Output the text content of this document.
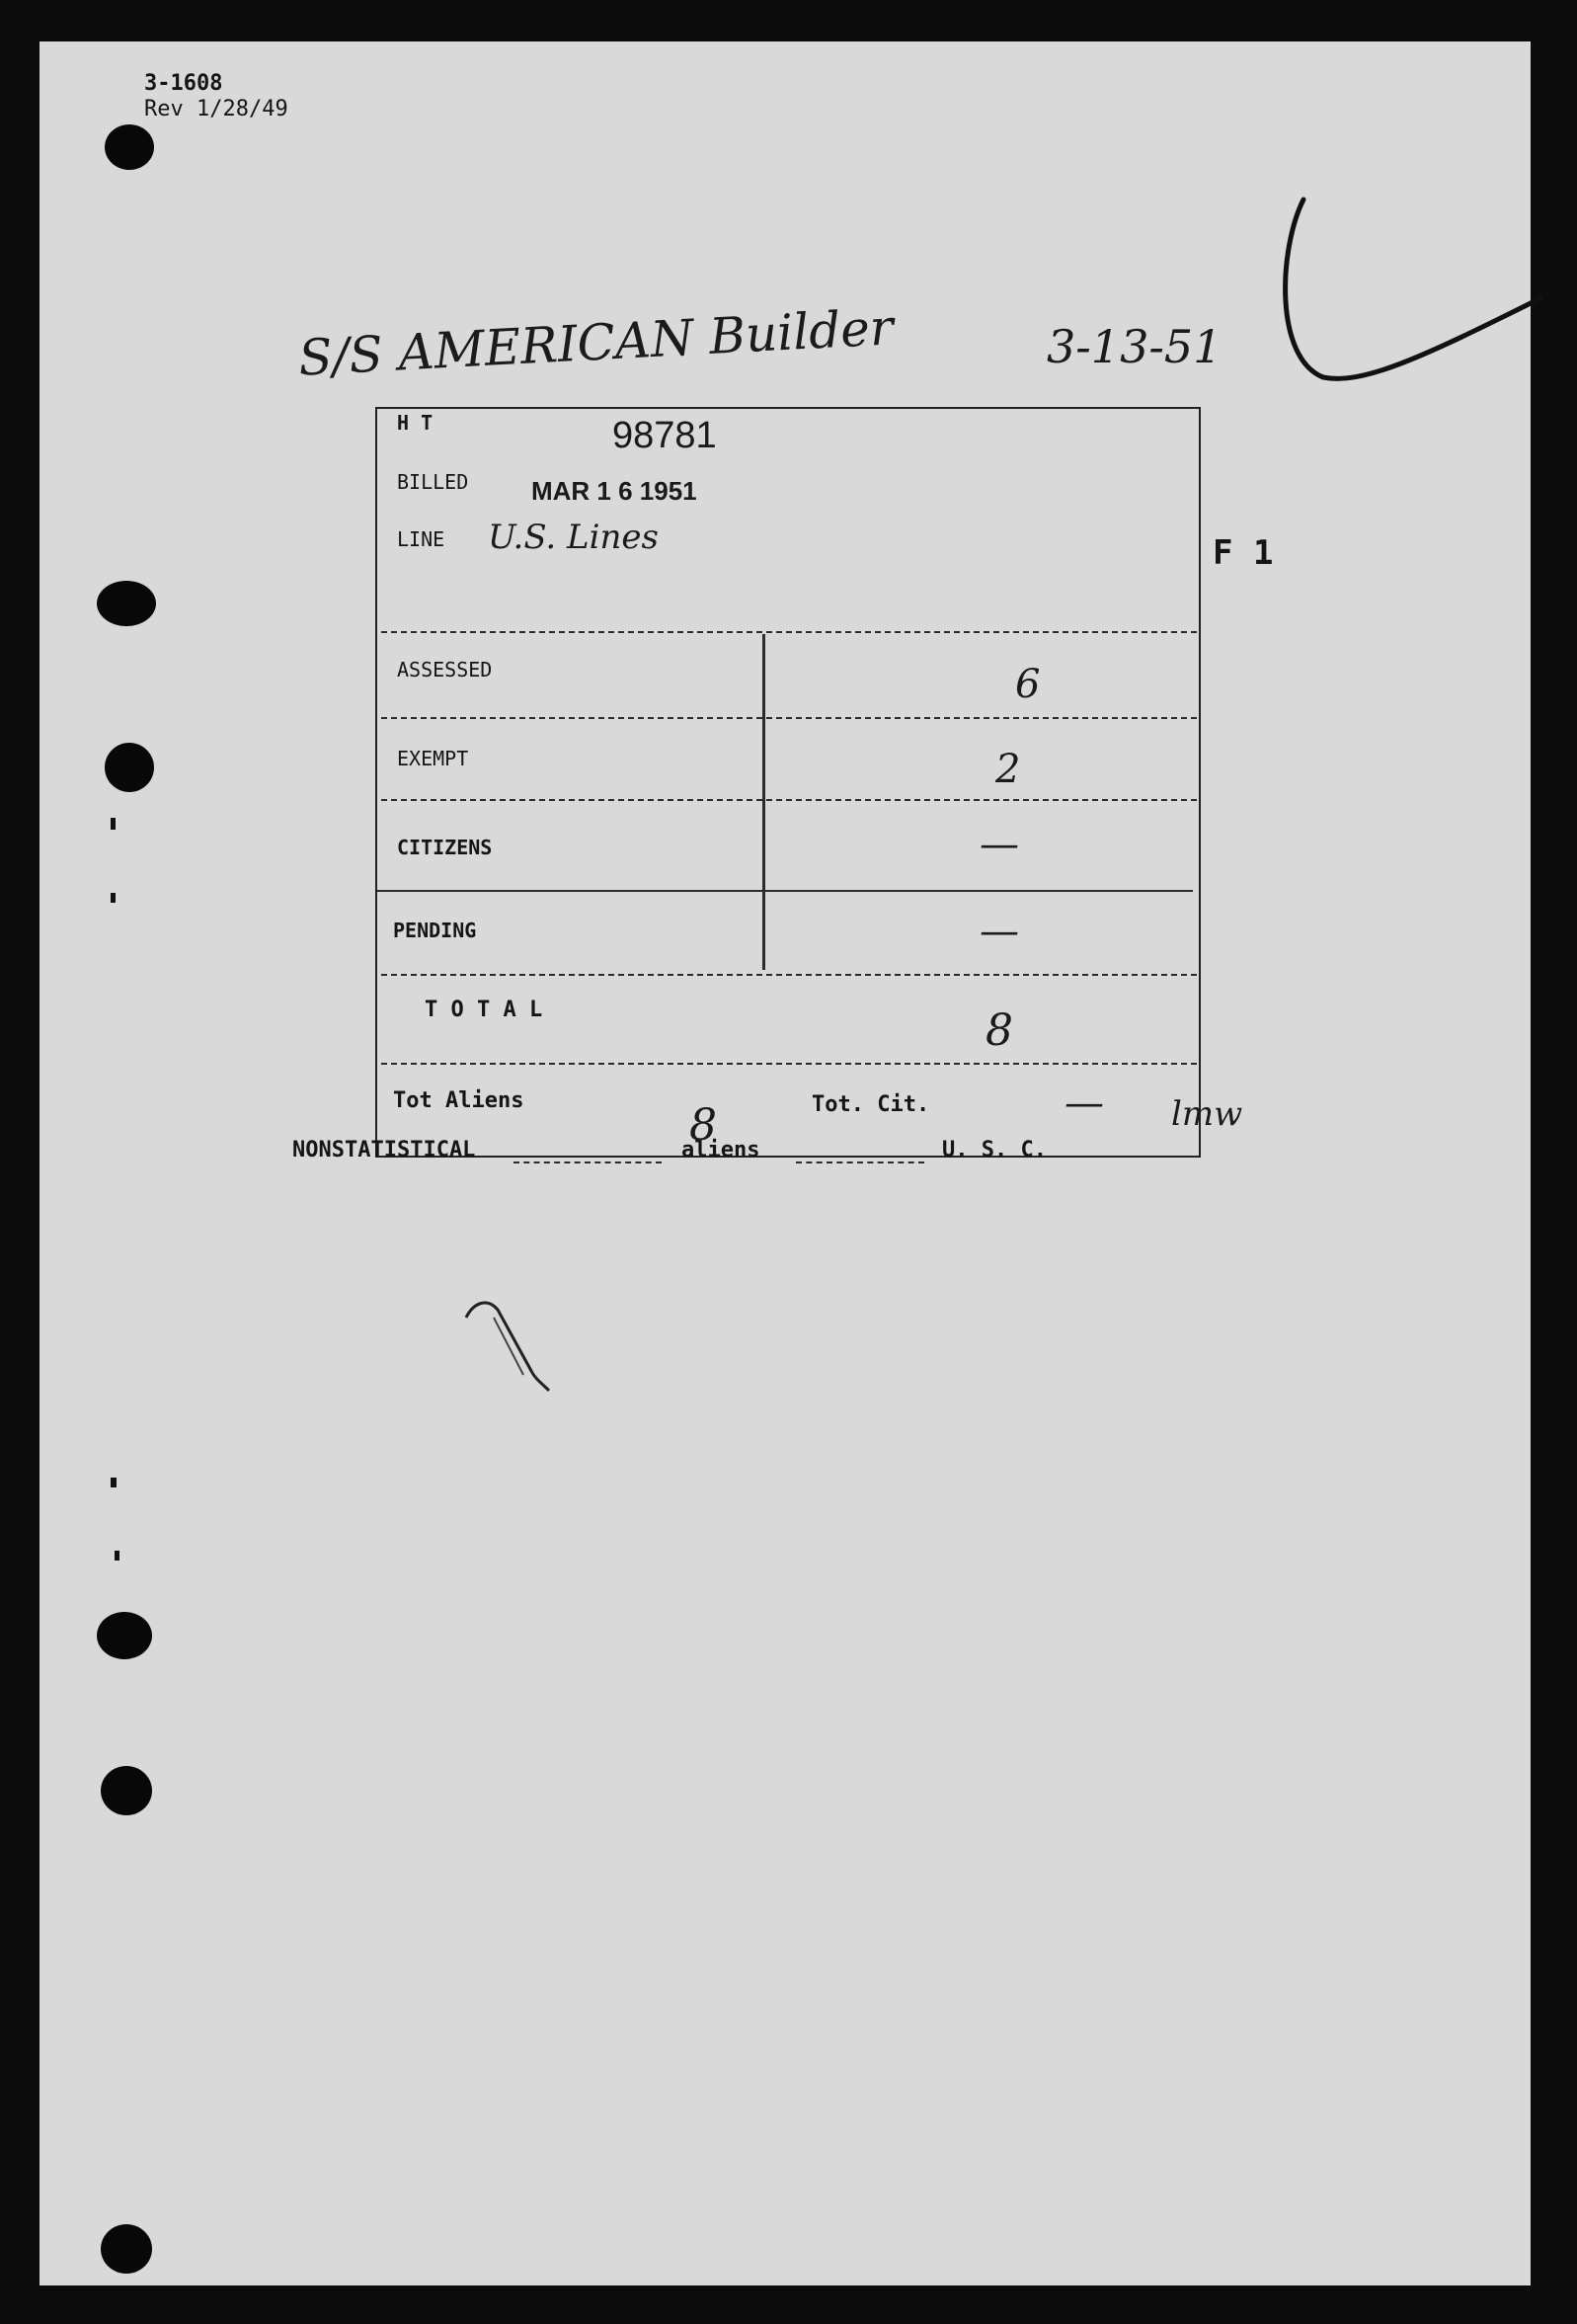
3-1608
Rev 1/28/49
S/S AMERICAN Builder	3-13-51
H T	98781
BILLED MAR 1 6 1951
LINE U.S. Lines
ASSESSED	6
EXEMPT	2
CITIZENS	—
PENDING	—
T O T A L	8
Tot Aliens	8	Tot. Cit.	— lmw
F 1
NONSTATISTICAL	aliens	U. S. C.
